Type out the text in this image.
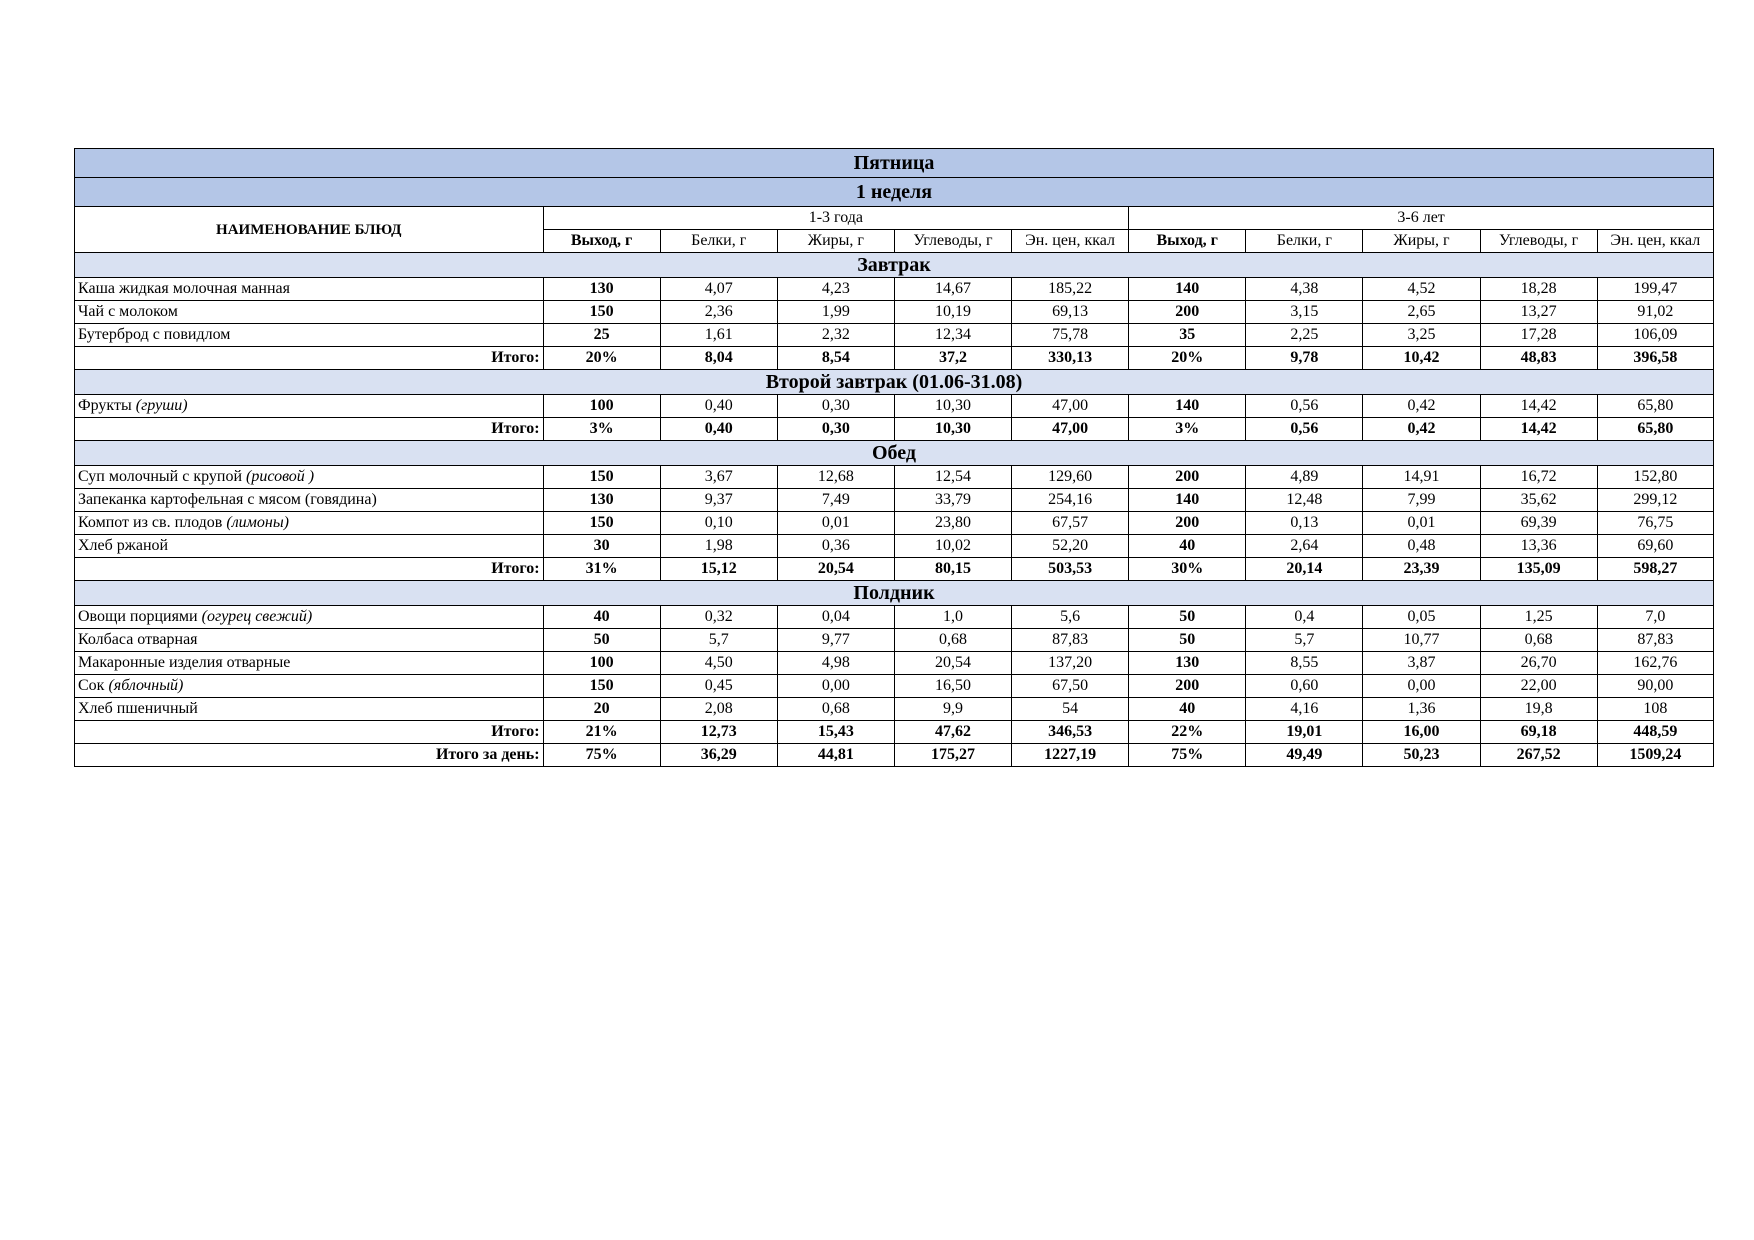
Пятница										
1 неделя										
НАИМЕНОВАНИЕ БЛЮД	1-3 года					3-6 лет				
	Выход, г	Белки, г	Жиры, г	Углеводы, г	Эн. цен, ккал	Выход, г	Белки, г	Жиры, г	Углеводы, г	Эн. цен, ккал
Завтрак										
Каша жидкая молочная манная	130	4,07	4,23	14,67	185,22	140	4,38	4,52	18,28	199,47
Чай с молоком	150	2,36	1,99	10,19	69,13	200	3,15	2,65	13,27	91,02
Бутерброд с повидлом	25	1,61	2,32	12,34	75,78	35	2,25	3,25	17,28	106,09
Итого:	20%	8,04	8,54	37,2	330,13	20%	9,78	10,42	48,83	396,58
Второй завтрак (01.06-31.08)										
Фрукты (груши)	100	0,40	0,30	10,30	47,00	140	0,56	0,42	14,42	65,80
Итого:	3%	0,40	0,30	10,30	47,00	3%	0,56	0,42	14,42	65,80
Обед										
Суп молочный с крупой (рисовой )	150	3,67	12,68	12,54	129,60	200	4,89	14,91	16,72	152,80
Запеканка картофельная с мясом (говядина)	130	9,37	7,49	33,79	254,16	140	12,48	7,99	35,62	299,12
Компот из св. плодов (лимоны)	150	0,10	0,01	23,80	67,57	200	0,13	0,01	69,39	76,75
Хлеб ржаной	30	1,98	0,36	10,02	52,20	40	2,64	0,48	13,36	69,60
Итого:	31%	15,12	20,54	80,15	503,53	30%	20,14	23,39	135,09	598,27
Полдник										
Овощи порциями (огурец свежий)	40	0,32	0,04	1,0	5,6	50	0,4	0,05	1,25	7,0
Колбаса отварная	50	5,7	9,77	0,68	87,83	50	5,7	10,77	0,68	87,83
Макаронные изделия отварные	100	4,50	4,98	20,54	137,20	130	8,55	3,87	26,70	162,76
Сок (яблочный)	150	0,45	0,00	16,50	67,50	200	0,60	0,00	22,00	90,00
Хлеб пшеничный	20	2,08	0,68	9,9	54	40	4,16	1,36	19,8	108
Итого:	21%	12,73	15,43	47,62	346,53	22%	19,01	16,00	69,18	448,59
Итого за день:	75%	36,29	44,81	175,27	1227,19	75%	49,49	50,23	267,52	1509,24
